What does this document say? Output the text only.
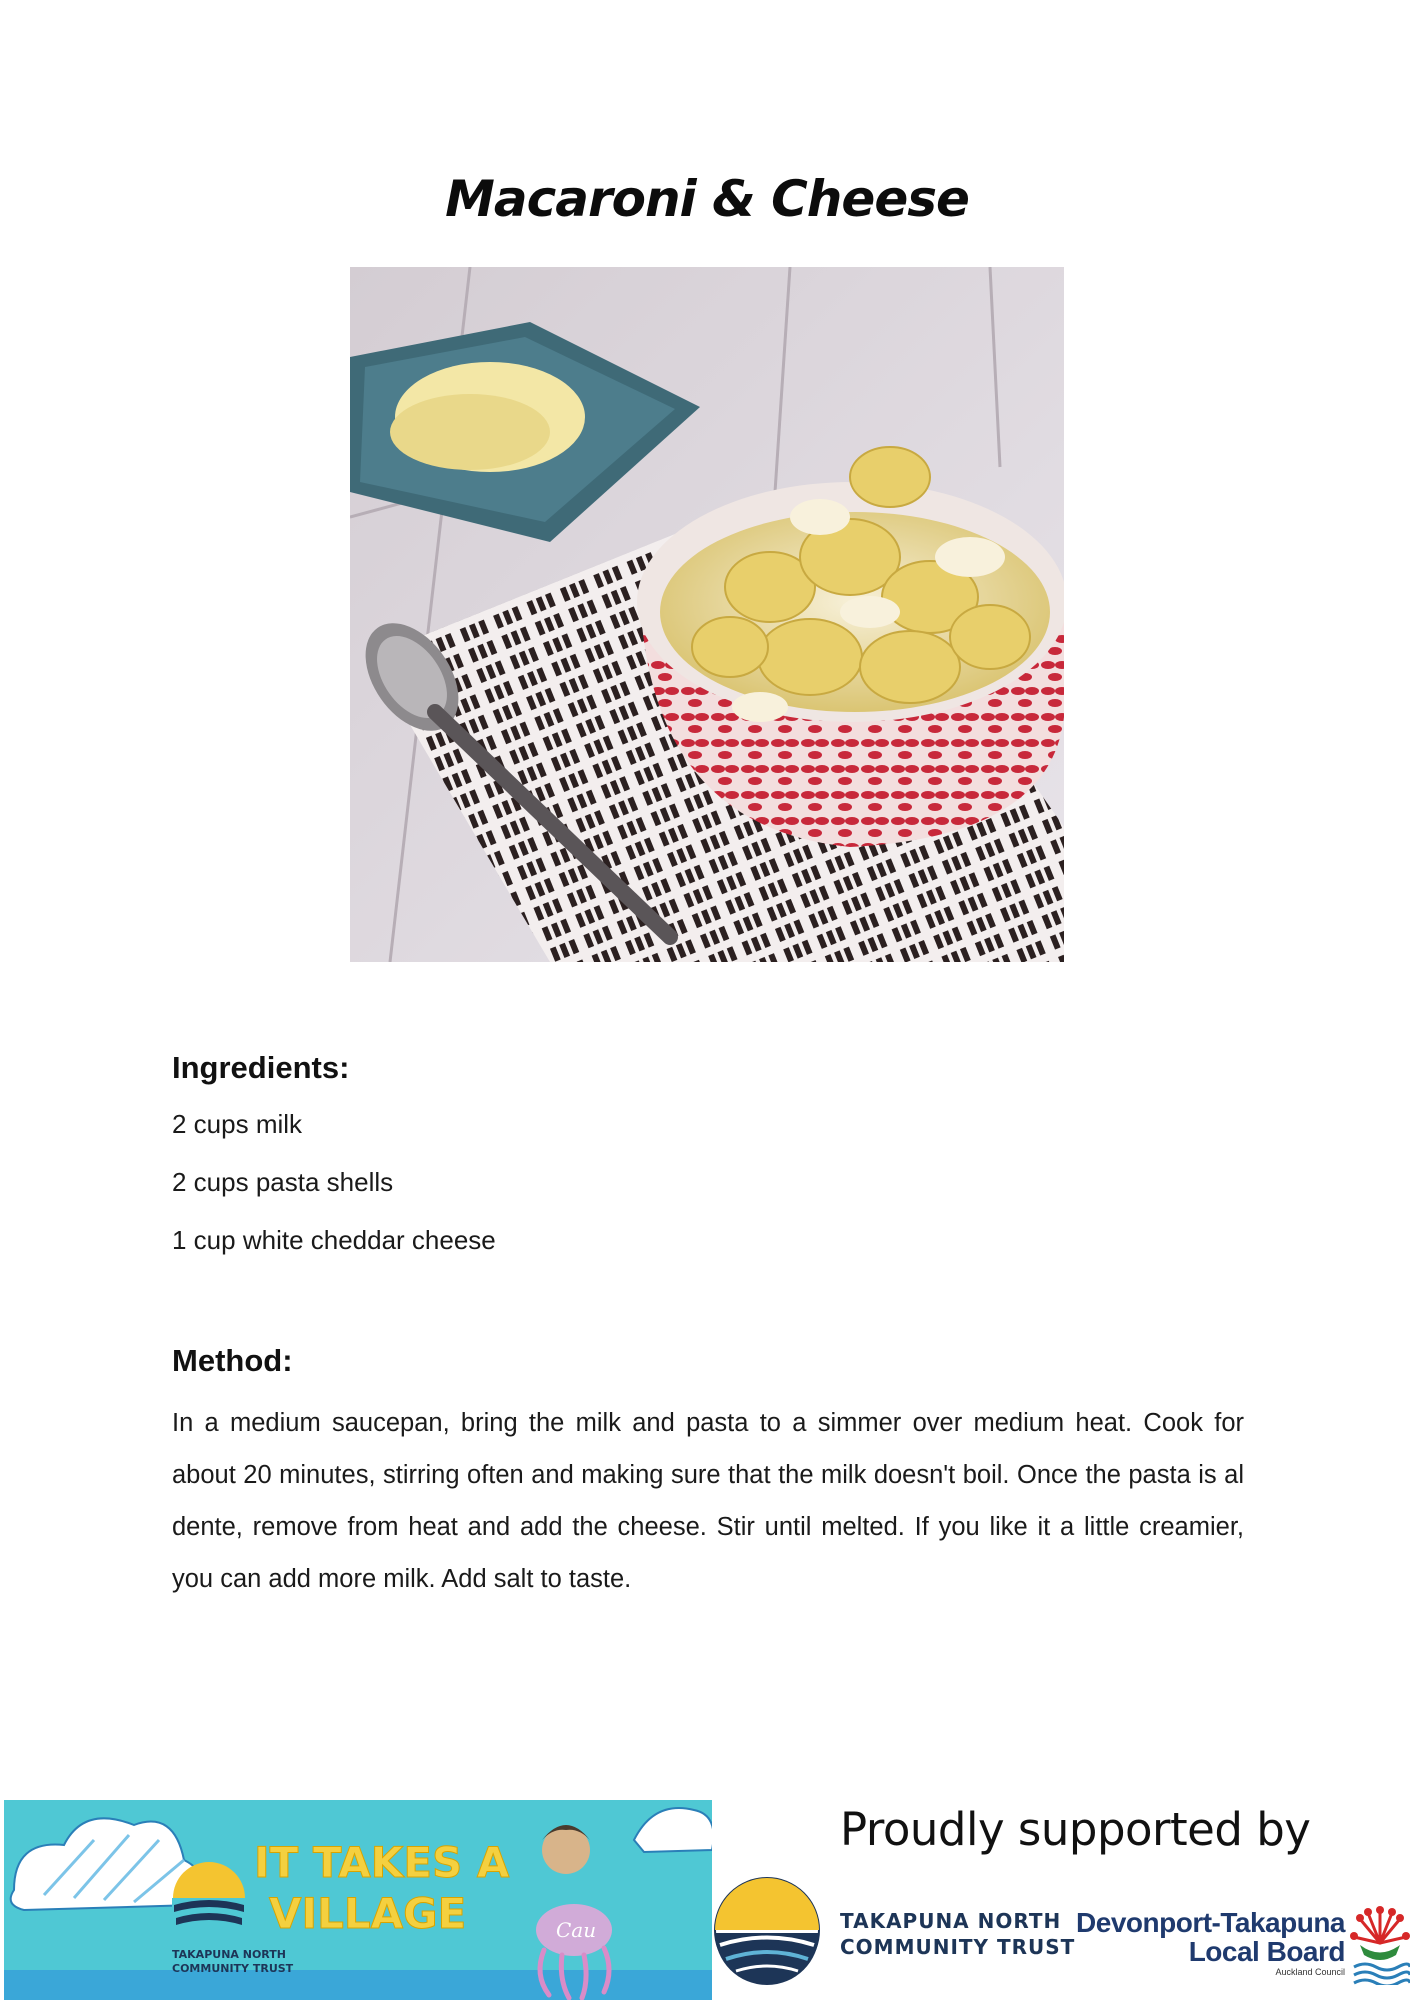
Macaroni & Cheese
Ingredients:
2 cups milk
2 cups pasta shells
1 cup white cheddar cheese
Method:

In a medium saucepan, bring the milk and pasta to a simmer over medium heat. Cook for about 20 minutes, stirring often and making sure that the milk doesn't boil. Once the pasta is al dente, remove from heat and add the cheese. Stir until melted. If you like it a little creamier, you can add more milk. Add salt to taste.

TAKAPUNA NORTH
COMMUNITY TRUST
IT TAKES A
VILLAGE	Cau
Proudly supported by
TAKAPUNA NORTH
COMMUNITY TRUST
Devonport-Takapuna
Local Board
Auckland Council
